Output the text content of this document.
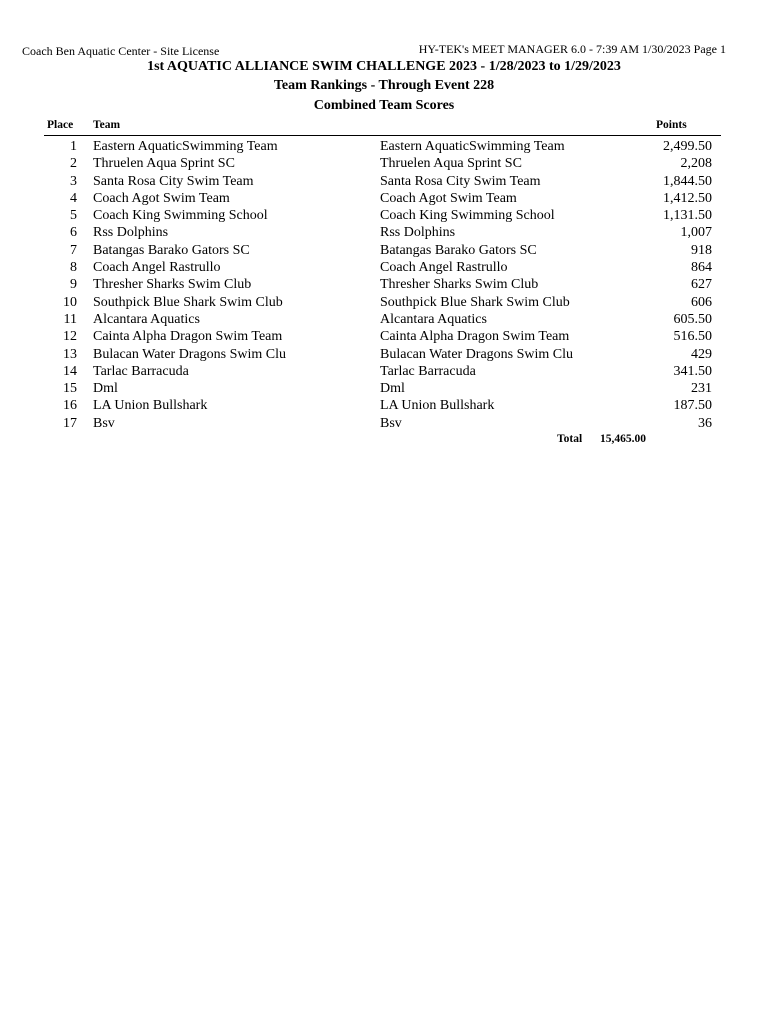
Coach Ben Aquatic Center - Site License	HY-TEK's MEET MANAGER 6.0 - 7:39 AM 1/30/2023 Page 1
1st AQUATIC ALLIANCE SWIM CHALLENGE 2023 - 1/28/2023 to 1/29/2023
Team Rankings - Through Event 228
Combined Team Scores
Place Team	Points
1 Eastern AquaticSwimming Team	Eastern AquaticSwimming Team	2,499.50
2 Thruelen Aqua Sprint SC	Thruelen Aqua Sprint SC	2,208
3 Santa Rosa City Swim Team	Santa Rosa City Swim Team	1,844.50
4 Coach Agot Swim Team	Coach Agot Swim Team	1,412.50
5 Coach King Swimming School	Coach King Swimming School	1,131.50
6 Rss Dolphins	Rss Dolphins	1,007
7 Batangas Barako Gators SC	Batangas Barako Gators SC	918
8 Coach Angel Rastrullo	Coach Angel Rastrullo	864
9 Thresher Sharks Swim Club	Thresher Sharks Swim Club	627
10 Southpick Blue Shark Swim Club	Southpick Blue Shark Swim Club	606
11 Alcantara Aquatics	Alcantara Aquatics	605.50
12 Cainta Alpha Dragon Swim Team	Cainta Alpha Dragon Swim Team	516.50
13 Bulacan Water Dragons Swim Clu	Bulacan Water Dragons Swim Clu	429
14 Tarlac Barracuda	Tarlac Barracuda	341.50
15 Dml	Dml	231
16 LA Union Bullshark	LA Union Bullshark	187.50
17 Bsv	Bsv	36
Total 15,465.00
